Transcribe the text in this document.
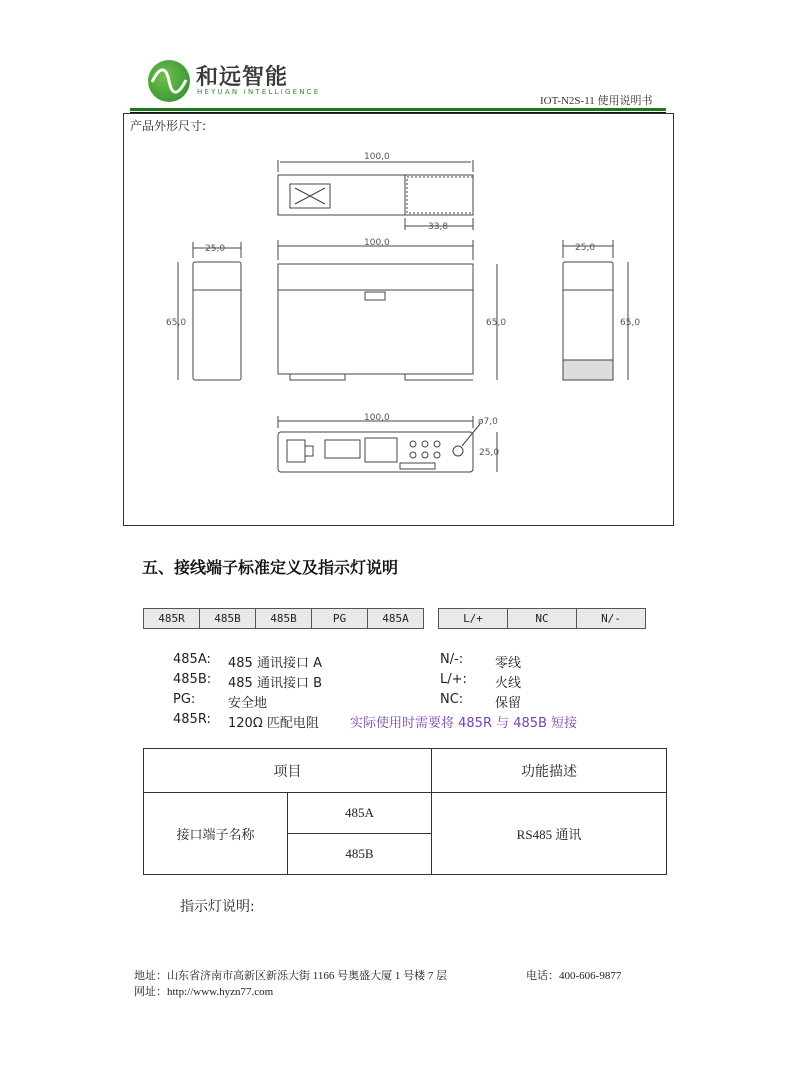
和远智能
HEYUAN INTELLIGENCE
IOT-N2S-11 使用说明书
产品外形尺寸:
100,0
33,8
25,0
100,0	25,0
65,0	65,0	65,0
100,0	ø7,0
25,0
五、接线端子标准定义及指示灯说明
485R	485B	485B	PG	485A	L/+	NC	N/-
485A: 485 通讯接口 A
485B: 485 通讯接口 B
PG:	安全地
485R: 120Ω 匹配电阻 实际使用时需要将 485R 与 485B 短接
N/-: 零线
L/+: 火线
NC: 保留
项目		功能描述
接口端子名称	485A	RS485 通讯
	485B	
指示灯说明:
地址：山东省济南市高新区新泺大街 1166 号奥盛大厦 1 号楼 7 层	电话：400-606-9877
网址：http://www.hyzn77.com
